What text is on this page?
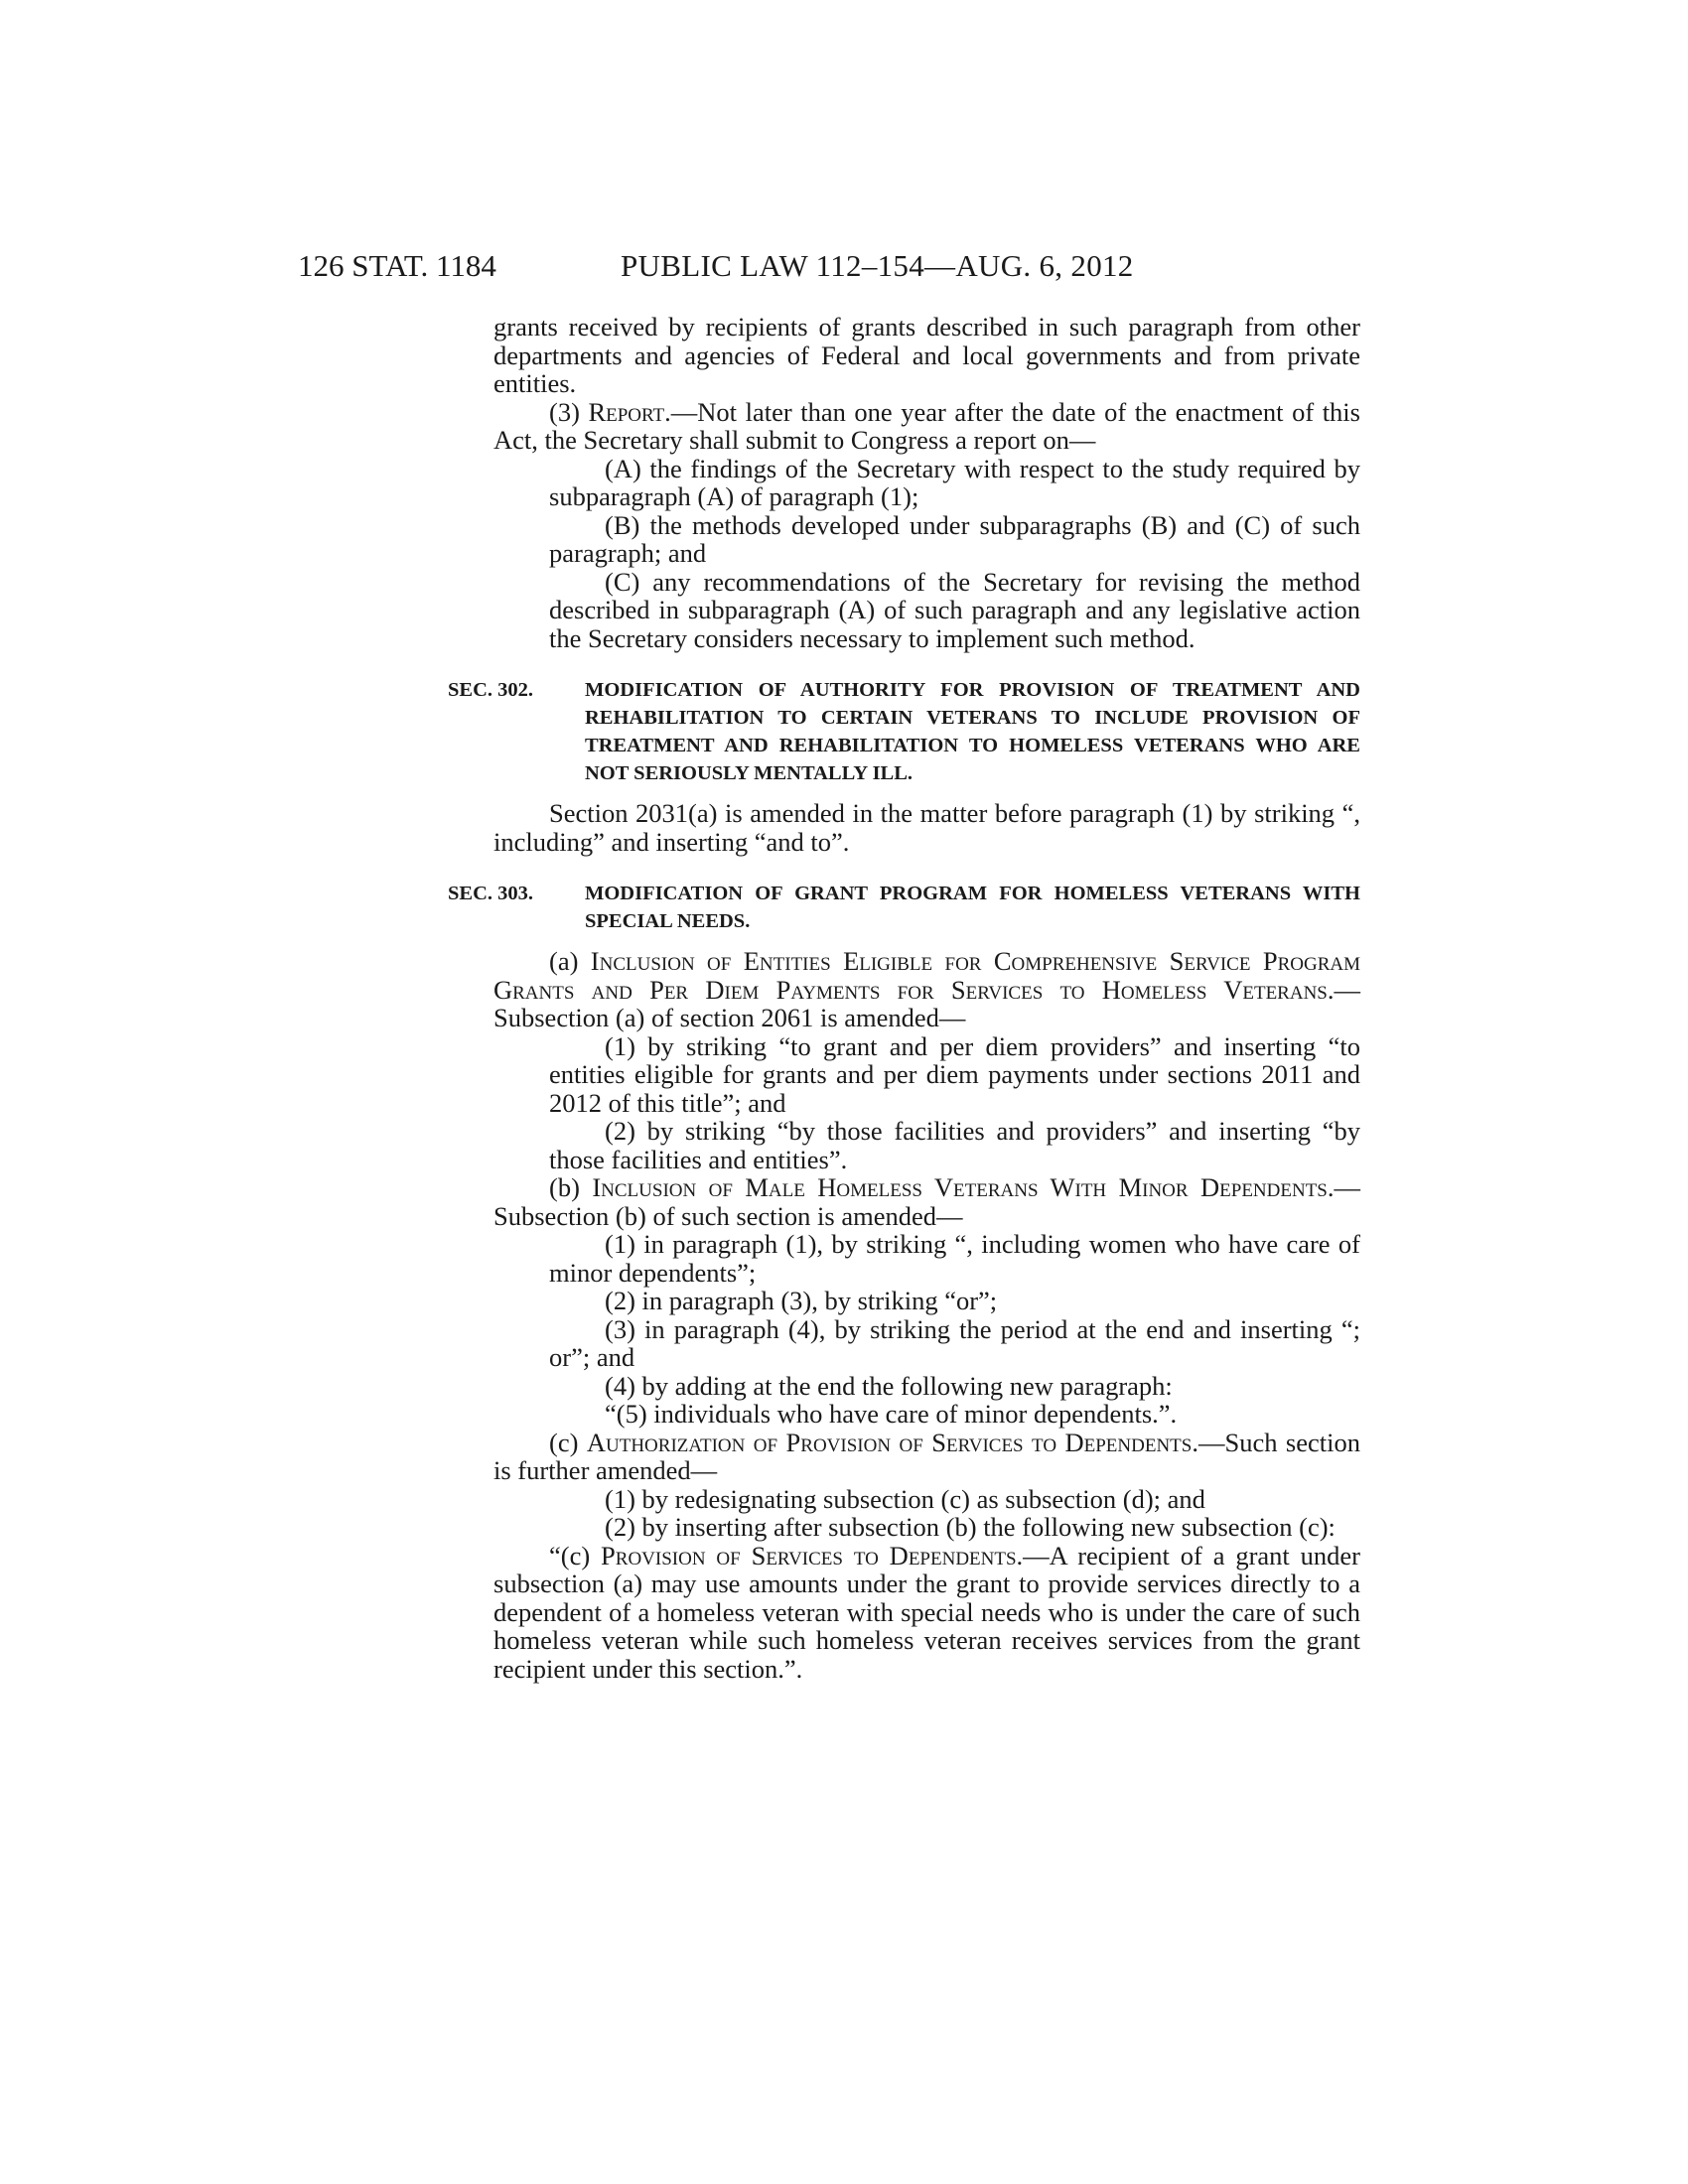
126 STAT. 1184	PUBLIC LAW 112–154—AUG. 6, 2012

grants received by recipients of grants described in such paragraph from other departments and agencies of Federal and local governments and from private entities.

(3) Report.—Not later than one year after the date of the enactment of this Act, the Secretary shall submit to Congress a report on—

(A) the findings of the Secretary with respect to the study required by subparagraph (A) of paragraph (1);

(B) the methods developed under subparagraphs (B) and (C) of such paragraph; and

(C) any recommendations of the Secretary for revising the method described in subparagraph (A) of such paragraph and any legislative action the Secretary considers necessary to implement such method.

SEC. 302.	MODIFICATION OF AUTHORITY FOR PROVISION OF TREATMENT AND REHABILITATION TO CERTAIN VETERANS TO INCLUDE PROVISION OF TREATMENT AND REHABILITATION TO HOMELESS VETERANS WHO ARE NOT SERIOUSLY MENTALLY ILL.

Section 2031(a) is amended in the matter before paragraph (1) by striking “, including” and inserting “and to”.

SEC. 303.	MODIFICATION OF GRANT PROGRAM FOR HOMELESS VETERANS WITH SPECIAL NEEDS.

(a) Inclusion of Entities Eligible for Comprehensive Service Program Grants and Per Diem Payments for Services to Homeless Veterans.—Subsection (a) of section 2061 is amended—

(1) by striking “to grant and per diem providers” and inserting “to entities eligible for grants and per diem payments under sections 2011 and 2012 of this title”; and

(2) by striking “by those facilities and providers” and inserting “by those facilities and entities”.

(b) Inclusion of Male Homeless Veterans With Minor Dependents.—Subsection (b) of such section is amended—

(1) in paragraph (1), by striking “, including women who have care of minor dependents”;

(2) in paragraph (3), by striking “or”;

(3) in paragraph (4), by striking the period at the end and inserting “; or”; and

(4) by adding at the end the following new paragraph:

“(5) individuals who have care of minor dependents.”.

(c) Authorization of Provision of Services to Dependents.—Such section is further amended—

(1) by redesignating subsection (c) as subsection (d); and

(2) by inserting after subsection (b) the following new subsection (c):

“(c) Provision of Services to Dependents.—A recipient of a grant under subsection (a) may use amounts under the grant to provide services directly to a dependent of a homeless veteran with special needs who is under the care of such homeless veteran while such homeless veteran receives services from the grant recipient under this section.”.
